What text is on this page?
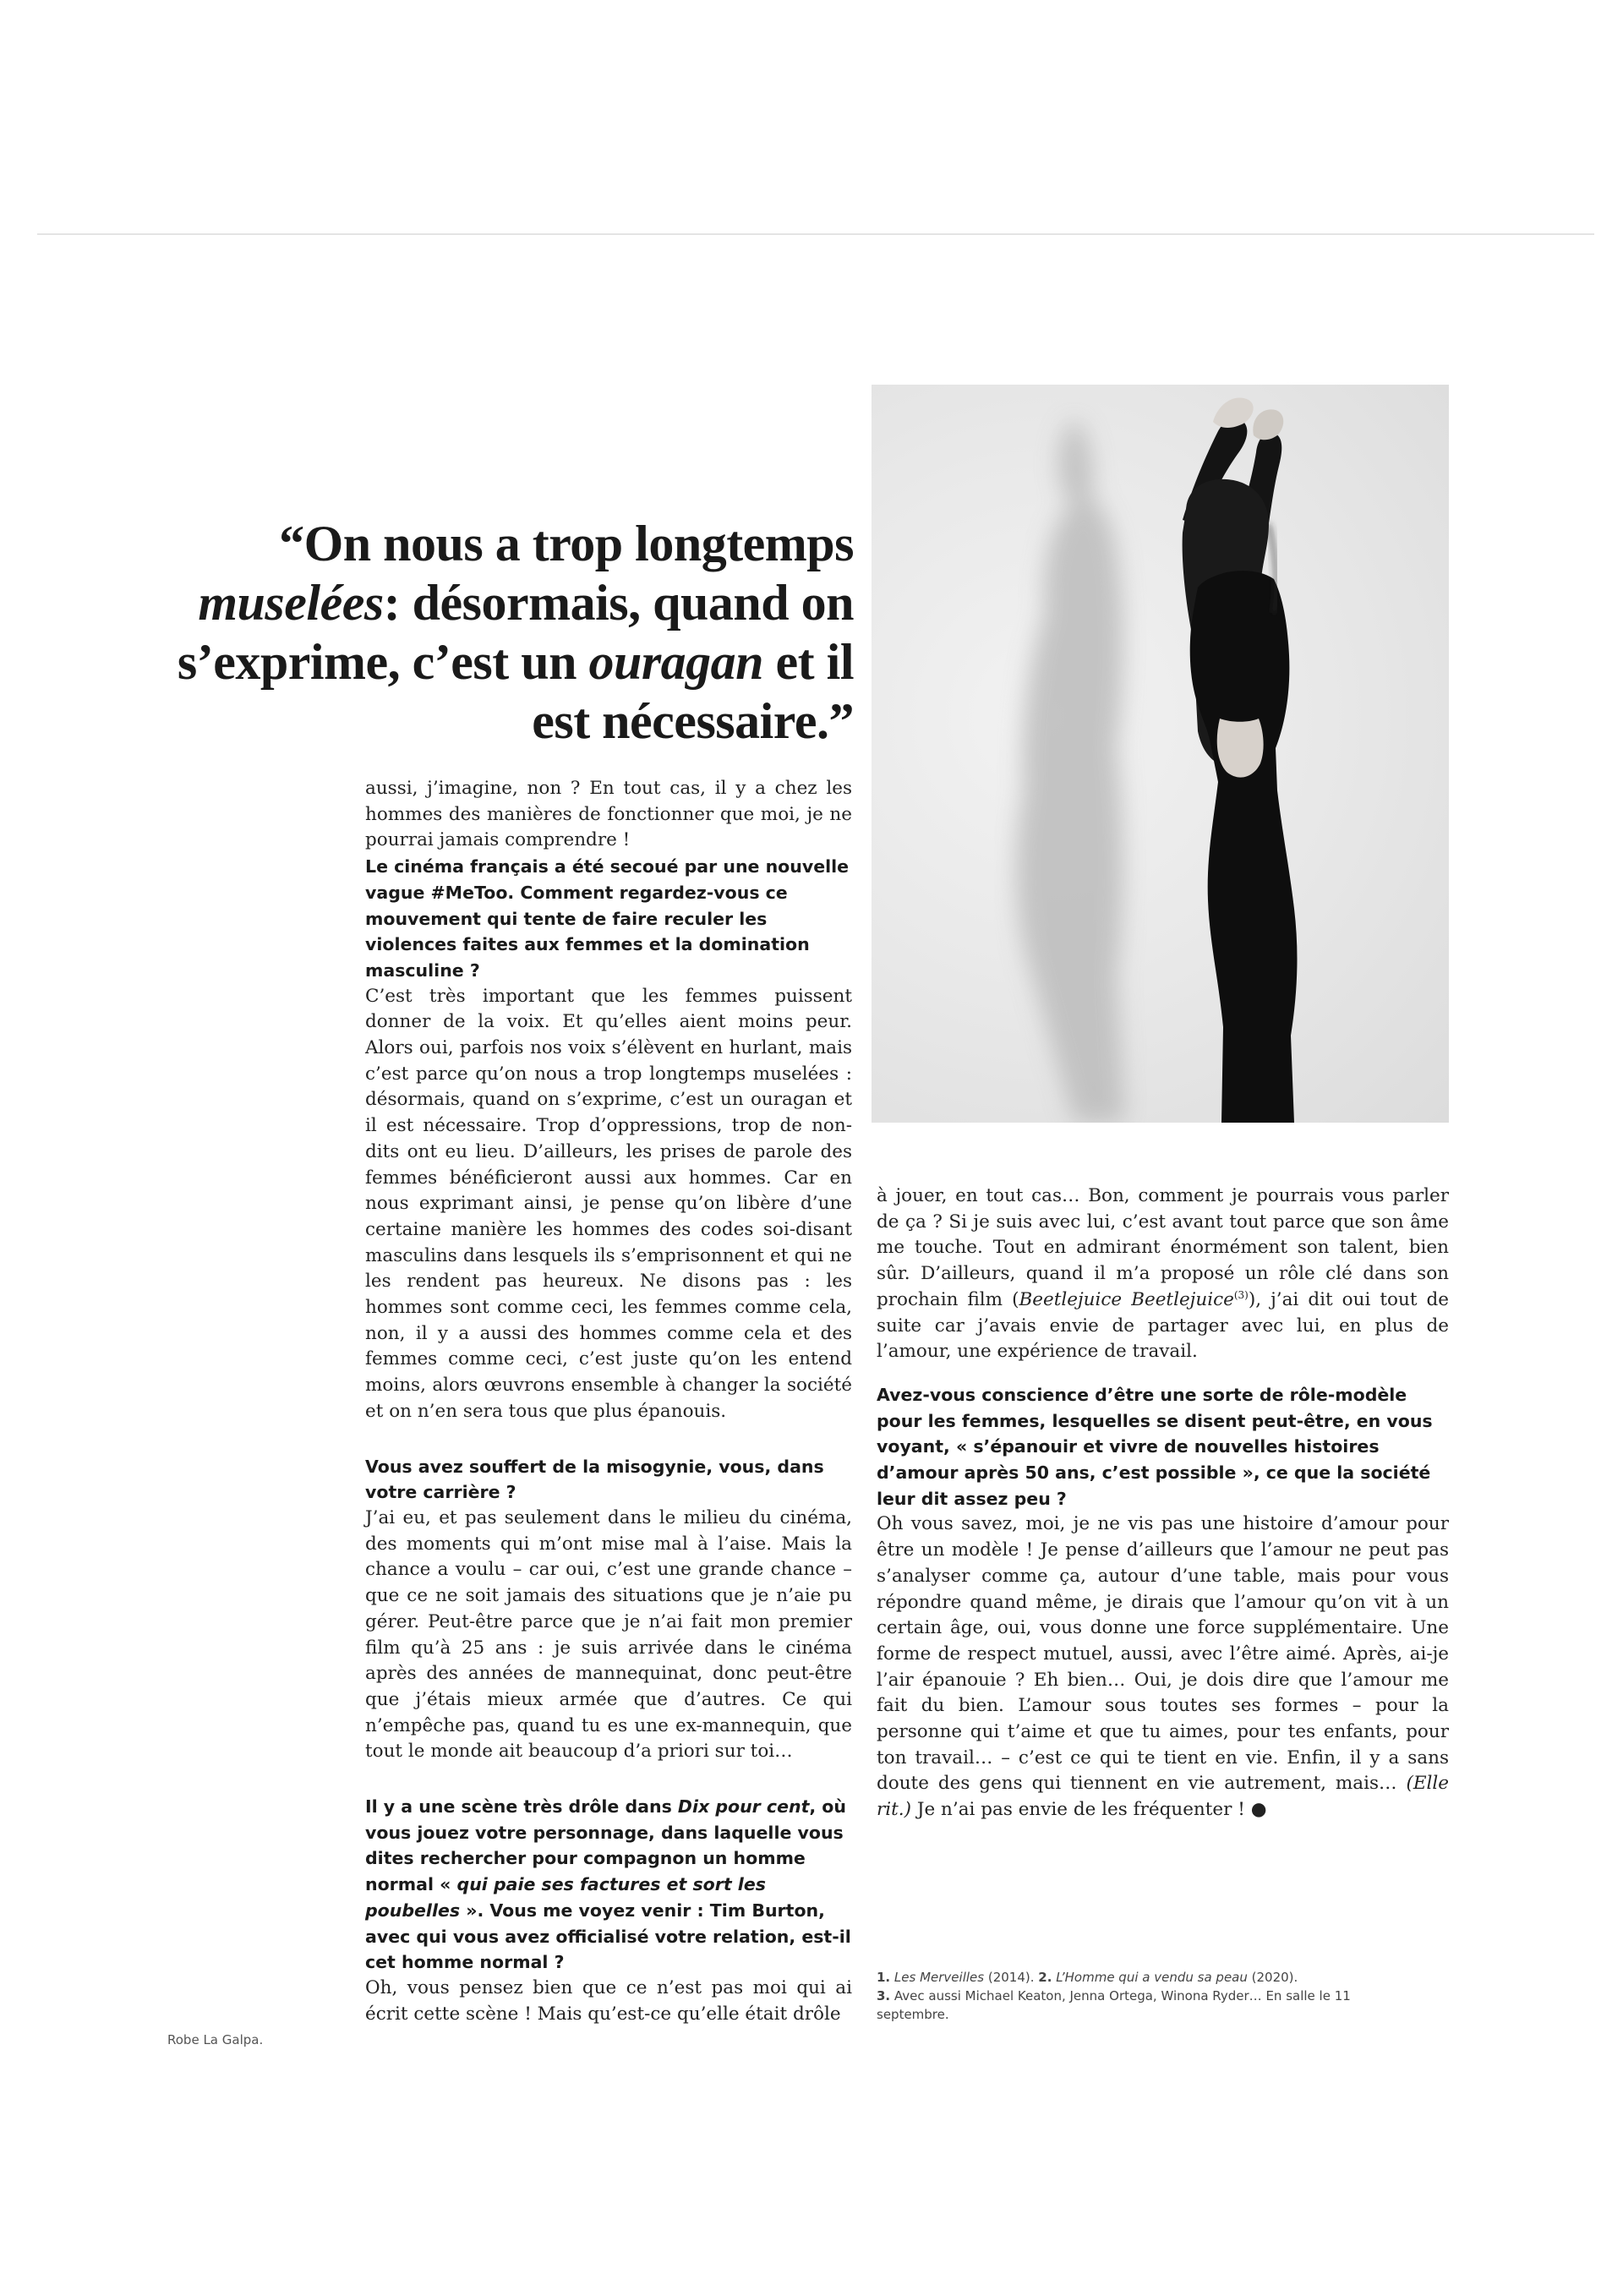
“On nous a trop longtemps muselées: désormais, quand on s’exprime, c’est un ouragan et il est nécessaire.”

aussi, j’imagine, non ? En tout cas, il y a chez les hommes des manières de fonctionner que moi, je ne pourrai jamais comprendre !

Le cinéma français a été secoué par une nouvelle vague #MeToo. Comment regardez-vous ce mouvement qui tente de faire reculer les violences faites aux femmes et la domination masculine ?

C’est très important que les femmes puissent donner de la voix. Et qu’elles aient moins peur. Alors oui, parfois nos voix s’élèvent en hurlant, mais c’est parce qu’on nous a trop longtemps muselées : désormais, quand on s’exprime, c’est un ouragan et il est nécessaire. Trop d’oppressions, trop de non-dits ont eu lieu. D’ailleurs, les prises de parole des femmes bénéficieront aussi aux hommes. Car en nous exprimant ainsi, je pense qu’on libère d’une certaine manière les hommes des codes soi-disant masculins dans lesquels ils s’emprisonnent et qui ne les rendent pas heureux. Ne disons pas : les hommes sont comme ceci, les femmes comme cela, non, il y a aussi des hommes comme cela et des femmes comme ceci, c’est juste qu’on les entend moins, alors œuvrons ensemble à changer la société et on n’en sera tous que plus épanouis.

Vous avez souffert de la misogynie, vous, dans votre carrière ?

J’ai eu, et pas seulement dans le milieu du cinéma, des moments qui m’ont mise mal à l’aise. Mais la chance a voulu – car oui, c’est une grande chance – que ce ne soit jamais des situations que je n’aie pu gérer. Peut-être parce que je n’ai fait mon premier film qu’à 25 ans : je suis arrivée dans le cinéma après des années de mannequinat, donc peut-être que j’étais mieux armée que d’autres. Ce qui n’empêche pas, quand tu es une ex-mannequin, que tout le monde ait beaucoup d’a priori sur toi…

Il y a une scène très drôle dans Dix pour cent, où vous jouez votre personnage, dans laquelle vous dites rechercher pour compagnon un homme normal « qui paie ses factures et sort les poubelles ». Vous me voyez venir : Tim Burton, avec qui vous avez officialisé votre relation, est-il cet homme normal ?

Oh, vous pensez bien que ce n’est pas moi qui ai écrit cette scène ! Mais qu’est-ce qu’elle était drôle

à jouer, en tout cas… Bon, comment je pourrais vous parler de ça ? Si je suis avec lui, c’est avant tout parce que son âme me touche. Tout en admirant énormément son talent, bien sûr. D’ailleurs, quand il m’a proposé un rôle clé dans son prochain film (Beetlejuice Beetlejuice$^{(3)}$), j’ai dit oui tout de suite car j’avais envie de partager avec lui, en plus de l’amour, une expérience de travail.

Avez-vous conscience d’être une sorte de rôle-modèle pour les femmes, lesquelles se disent peut-être, en vous voyant, « s’épanouir et vivre de nouvelles histoires d’amour après 50 ans, c’est possible », ce que la société leur dit assez peu ?

Oh vous savez, moi, je ne vis pas une histoire d’amour pour être un modèle ! Je pense d’ailleurs que l’amour ne peut pas s’analyser comme ça, autour d’une table, mais pour vous répondre quand même, je dirais que l’amour qu’on vit à un certain âge, oui, vous donne une force supplémentaire. Une forme de respect mutuel, aussi, avec l’être aimé. Après, ai-je l’air épanouie ? Eh bien… Oui, je dois dire que l’amour me fait du bien. L’amour sous toutes ses formes – pour la personne qui t’aime et que tu aimes, pour tes enfants, pour ton travail… – c’est ce qui te tient en vie. Enfin, il y a sans doute des gens qui tiennent en vie autrement, mais… (Elle rit.) Je n’ai pas envie de les fréquenter ! ●

1. Les Merveilles (2014). 2. L’Homme qui a vendu sa peau (2020).
3. Avec aussi Michael Keaton, Jenna Ortega, Winona Ryder… En salle le 11 septembre.
Robe La Galpa.
